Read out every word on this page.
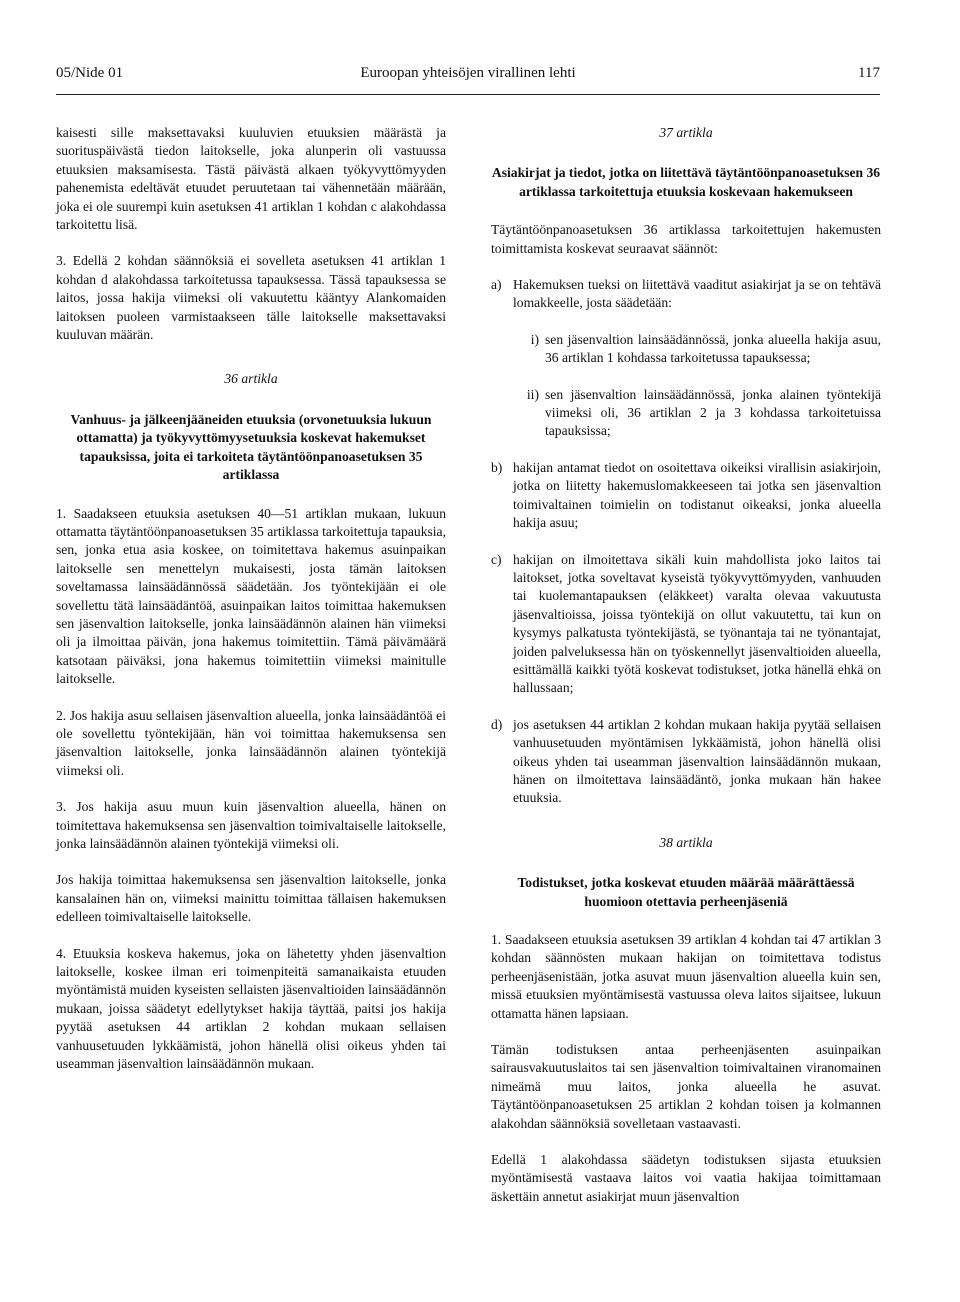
05/Nide 01	Euroopan yhteisöjen virallinen lehti	117

kaisesti sille maksettavaksi kuuluvien etuuksien määrästä ja suorituspäivästä tiedon laitokselle, joka alunperin oli vastuussa etuuksien maksamisesta. Tästä päivästä alkaen työkyvyttömyyden pahenemista edeltävät etuudet peruutetaan tai vähennetään määrään, joka ei ole suurempi kuin asetuksen 41 artiklan 1 kohdan c alakohdassa tarkoitettu lisä.

3. Edellä 2 kohdan säännöksiä ei sovelleta asetuksen 41 artiklan 1 kohdan d alakohdassa tarkoitetussa tapauksessa. Tässä tapauksessa se laitos, jossa hakija viimeksi oli vakuutettu kääntyy Alankomaiden laitoksen puoleen varmistaakseen tälle laitokselle maksettavaksi kuuluvan määrän.

36 artikla
Vanhuus- ja jälkeenjääneiden etuuksia (orvonetuuksia lukuun ottamatta) ja työkyvyttömyysetuuksia koskevat hakemukset tapauksissa, joita ei tarkoiteta täytäntöönpanoasetuksen 35 artiklassa

1. Saadakseen etuuksia asetuksen 40—51 artiklan mukaan, lukuun ottamatta täytäntöönpanoasetuksen 35 artiklassa tarkoitettuja tapauksia, sen, jonka etua asia koskee, on toimitettava hakemus asuinpaikan laitokselle sen menettelyn mukaisesti, josta tämän laitoksen soveltamassa lainsäädännössä säädetään. Jos työntekijään ei ole sovellettu tätä lainsäädäntöä, asuinpaikan laitos toimittaa hakemuksen sen jäsenvaltion laitokselle, jonka lainsäädännön alainen hän viimeksi oli ja ilmoittaa päivän, jona hakemus toimitettiin. Tämä päivämäärä katsotaan päiväksi, jona hakemus toimitettiin viimeksi mainitulle laitokselle.

2. Jos hakija asuu sellaisen jäsenvaltion alueella, jonka lainsäädäntöä ei ole sovellettu työntekijään, hän voi toimittaa hakemuksensa sen jäsenvaltion laitokselle, jonka lainsäädännön alainen työntekijä viimeksi oli.

3. Jos hakija asuu muun kuin jäsenvaltion alueella, hänen on toimitettava hakemuksensa sen jäsenvaltion toimivaltaiselle laitokselle, jonka lainsäädännön alainen työntekijä viimeksi oli.

Jos hakija toimittaa hakemuksensa sen jäsenvaltion laitokselle, jonka kansalainen hän on, viimeksi mainittu toimittaa tällaisen hakemuksen edelleen toimivaltaiselle laitokselle.

4. Etuuksia koskeva hakemus, joka on lähetetty yhden jäsenvaltion laitokselle, koskee ilman eri toimenpiteitä samanaikaista etuuden myöntämistä muiden kyseisten sellaisten jäsenvaltioiden lainsäädännön mukaan, joissa säädetyt edellytykset hakija täyttää, paitsi jos hakija pyytää asetuksen 44 artiklan 2 kohdan mukaan sellaisen vanhuusetuuden lykkäämistä, johon hänellä olisi oikeus yhden tai useamman jäsenvaltion lainsäädännön mukaan.

37 artikla
Asiakirjat ja tiedot, jotka on liitettävä täytäntöönpanoasetuksen 36 artiklassa tarkoitettuja etuuksia koskevaan hakemukseen

Täytäntöönpanoasetuksen 36 artiklassa tarkoitettujen hakemusten toimittamista koskevat seuraavat säännöt:

a) Hakemuksen tueksi on liitettävä vaaditut asiakirjat ja se on tehtävä lomakkeelle, josta säädetään:
i) sen jäsenvaltion lainsäädännössä, jonka alueella hakija asuu, 36 artiklan 1 kohdassa tarkoitetussa tapauksessa;
ii) sen jäsenvaltion lainsäädännössä, jonka alainen työntekijä viimeksi oli, 36 artiklan 2 ja 3 kohdassa tarkoitetuissa tapauksissa;
b) hakijan antamat tiedot on osoitettava oikeiksi virallisin asiakirjoin, jotka on liitetty hakemuslomakkeeseen tai jotka sen jäsenvaltion toimivaltainen toimielin on todistanut oikeaksi, jonka alueella hakija asuu;
c) hakijan on ilmoitettava sikäli kuin mahdollista joko laitos tai laitokset, jotka soveltavat kyseistä työkyvyttömyyden, vanhuuden tai kuolemantapauksen (eläkkeet) varalta olevaa vakuutusta jäsenvaltioissa, joissa työntekijä on ollut vakuutettu, tai kun on kysymys palkatusta työntekijästä, se työnantaja tai ne työnantajat, joiden palveluksessa hän on työskennellyt jäsenvaltioiden alueella, esittämällä kaikki työtä koskevat todistukset, jotka hänellä ehkä on hallussaan;
d) jos asetuksen 44 artiklan 2 kohdan mukaan hakija pyytää sellaisen vanhuusetuuden myöntämisen lykkäämistä, johon hänellä olisi oikeus yhden tai useamman jäsenvaltion lainsäädännön mukaan, hänen on ilmoitettava lainsäädäntö, jonka mukaan hän hakee etuuksia.
38 artikla
Todistukset, jotka koskevat etuuden määrää määrättäessä huomioon otettavia perheenjäseniä

1. Saadakseen etuuksia asetuksen 39 artiklan 4 kohdan tai 47 artiklan 3 kohdan säännösten mukaan hakijan on toimitettava todistus perheenjäsenistään, jotka asuvat muun jäsenvaltion alueella kuin sen, missä etuuksien myöntämisestä vastuussa oleva laitos sijaitsee, lukuun ottamatta hänen lapsiaan.

Tämän todistuksen antaa perheenjäsenten asuinpaikan sairausvakuutuslaitos tai sen jäsenvaltion toimivaltainen viranomainen nimeämä muu laitos, jonka alueella he asuvat. Täytäntöönpanoasetuksen 25 artiklan 2 kohdan toisen ja kolmannen alakohdan säännöksiä sovelletaan vastaavasti.

Edellä 1 alakohdassa säädetyn todistuksen sijasta etuuksien myöntämisestä vastaava laitos voi vaatia hakijaa toimittamaan äskettäin annetut asiakirjat muun jäsenvaltion
